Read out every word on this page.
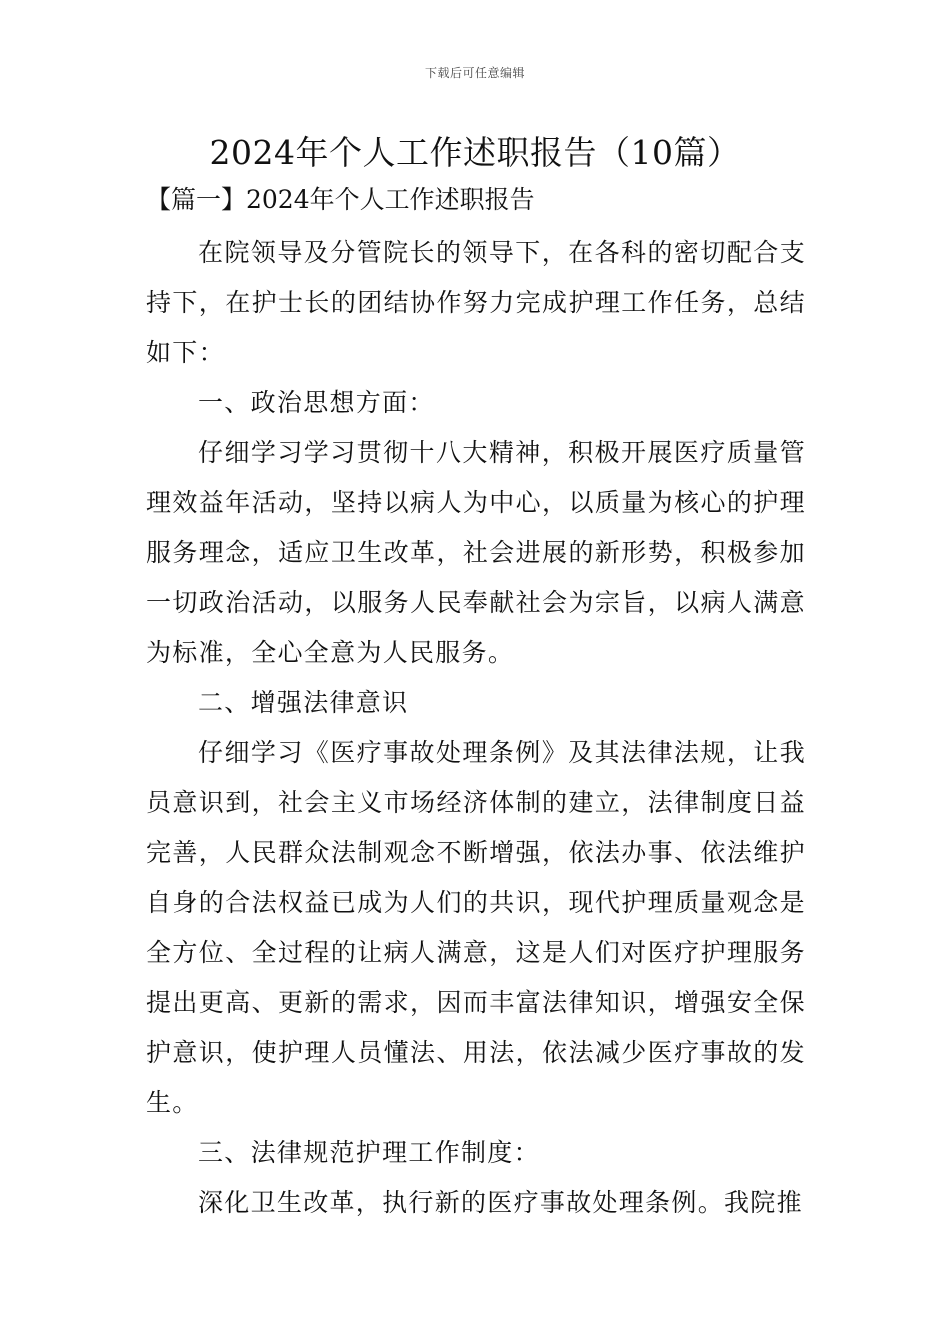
下载后可任意编辑
2024年个人工作述职报告（10篇）

【篇一】2024年个人工作述职报告

在院领导及分管院长的领导下，在各科的密切配合支持下，在护士长的团结协作努力完成护理工作任务，总结如下：

一、政治思想方面：

仔细学习学习贯彻十八大精神，积极开展医疗质量管理效益年活动，坚持以病人为中心，以质量为核心的护理服务理念，适应卫生改革，社会进展的新形势，积极参加一切政治活动，以服务人民奉献社会为宗旨，以病人满意为标准，全心全意为人民服务。

二、增强法律意识

仔细学习《医疗事故处理条例》及其法律法规，让我员意识到，社会主义市场经济体制的建立，法律制度日益完善，人民群众法制观念不断增强，依法办事、依法维护自身的合法权益已成为人们的共识，现代护理质量观念是全方位、全过程的让病人满意，这是人们对医疗护理服务提出更高、更新的需求，因而丰富法律知识，增强安全保护意识，使护理人员懂法、用法，依法减少医疗事故的发生。

三、法律规范护理工作制度：

深化卫生改革，执行新的医疗事故处理条例。我院推
